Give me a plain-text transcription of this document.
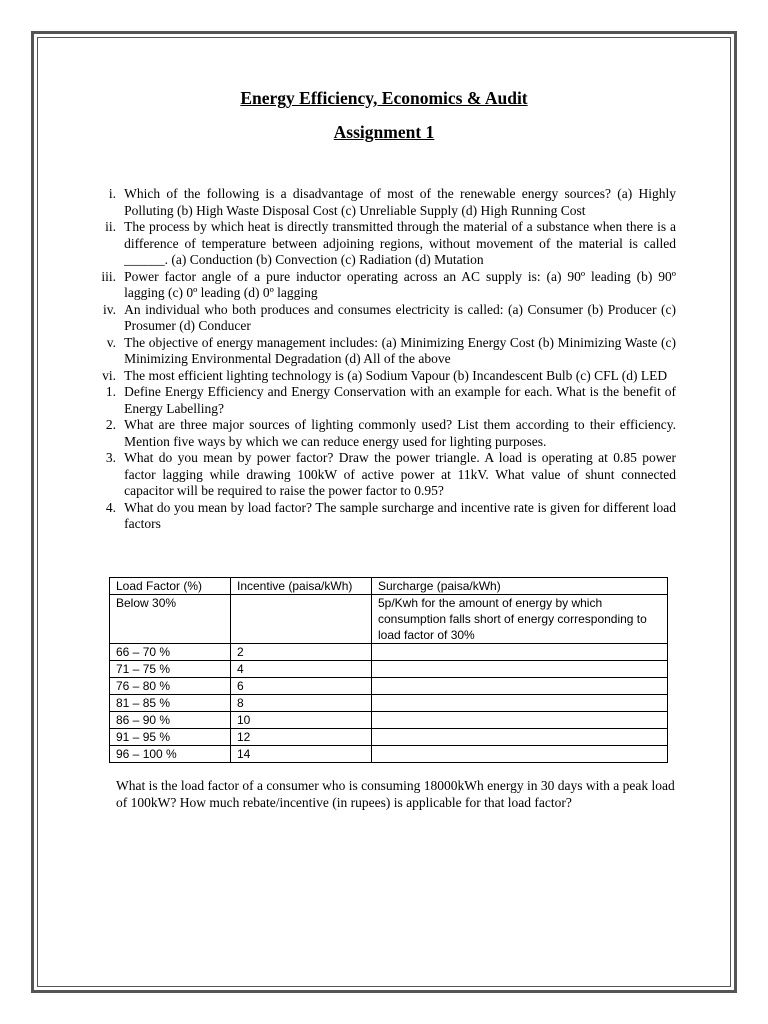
Energy Efficiency, Economics & Audit
Assignment 1
i. Which of the following is a disadvantage of most of the renewable energy sources? (a) Highly Polluting (b) High Waste Disposal Cost (c) Unreliable Supply (d) High Running Cost
ii. The process by which heat is directly transmitted through the material of a substance when there is a difference of temperature between adjoining regions, without movement of the material is called ______. (a) Conduction (b) Convection (c) Radiation (d) Mutation
iii. Power factor angle of a pure inductor operating across an AC supply is: (a) 90º leading (b) 90º lagging (c) 0º leading (d) 0º lagging
iv. An individual who both produces and consumes electricity is called: (a) Consumer (b) Producer (c) Prosumer (d) Conducer
v. The objective of energy management includes: (a) Minimizing Energy Cost (b) Minimizing Waste (c) Minimizing Environmental Degradation (d) All of the above
vi. The most efficient lighting technology is (a) Sodium Vapour (b) Incandescent Bulb (c) CFL (d) LED
1. Define Energy Efficiency and Energy Conservation with an example for each. What is the benefit of Energy Labelling?
2. What are three major sources of lighting commonly used? List them according to their efficiency. Mention five ways by which we can reduce energy used for lighting purposes.
3. What do you mean by power factor? Draw the power triangle. A load is operating at 0.85 power factor lagging while drawing 100kW of active power at 11kV. What value of shunt connected capacitor will be required to raise the power factor to 0.95?
4. What do you mean by load factor? The sample surcharge and incentive rate is given for different load factors
Load Factor (%)	Incentive (paisa/kWh)	Surcharge (paisa/kWh)
Below 30%		5p/Kwh for the amount of energy by which consumption falls short of energy corresponding to load factor of 30%
66 – 70 %	2	
71 – 75 %	4	
76 – 80 %	6	
81 – 85 %	8	
86 – 90 %	10	
91 – 95 %	12	
96 – 100 %	14	
What is the load factor of a consumer who is consuming 18000kWh energy in 30 days with a peak load of 100kW? How much rebate/incentive (in rupees) is applicable for that load factor?
